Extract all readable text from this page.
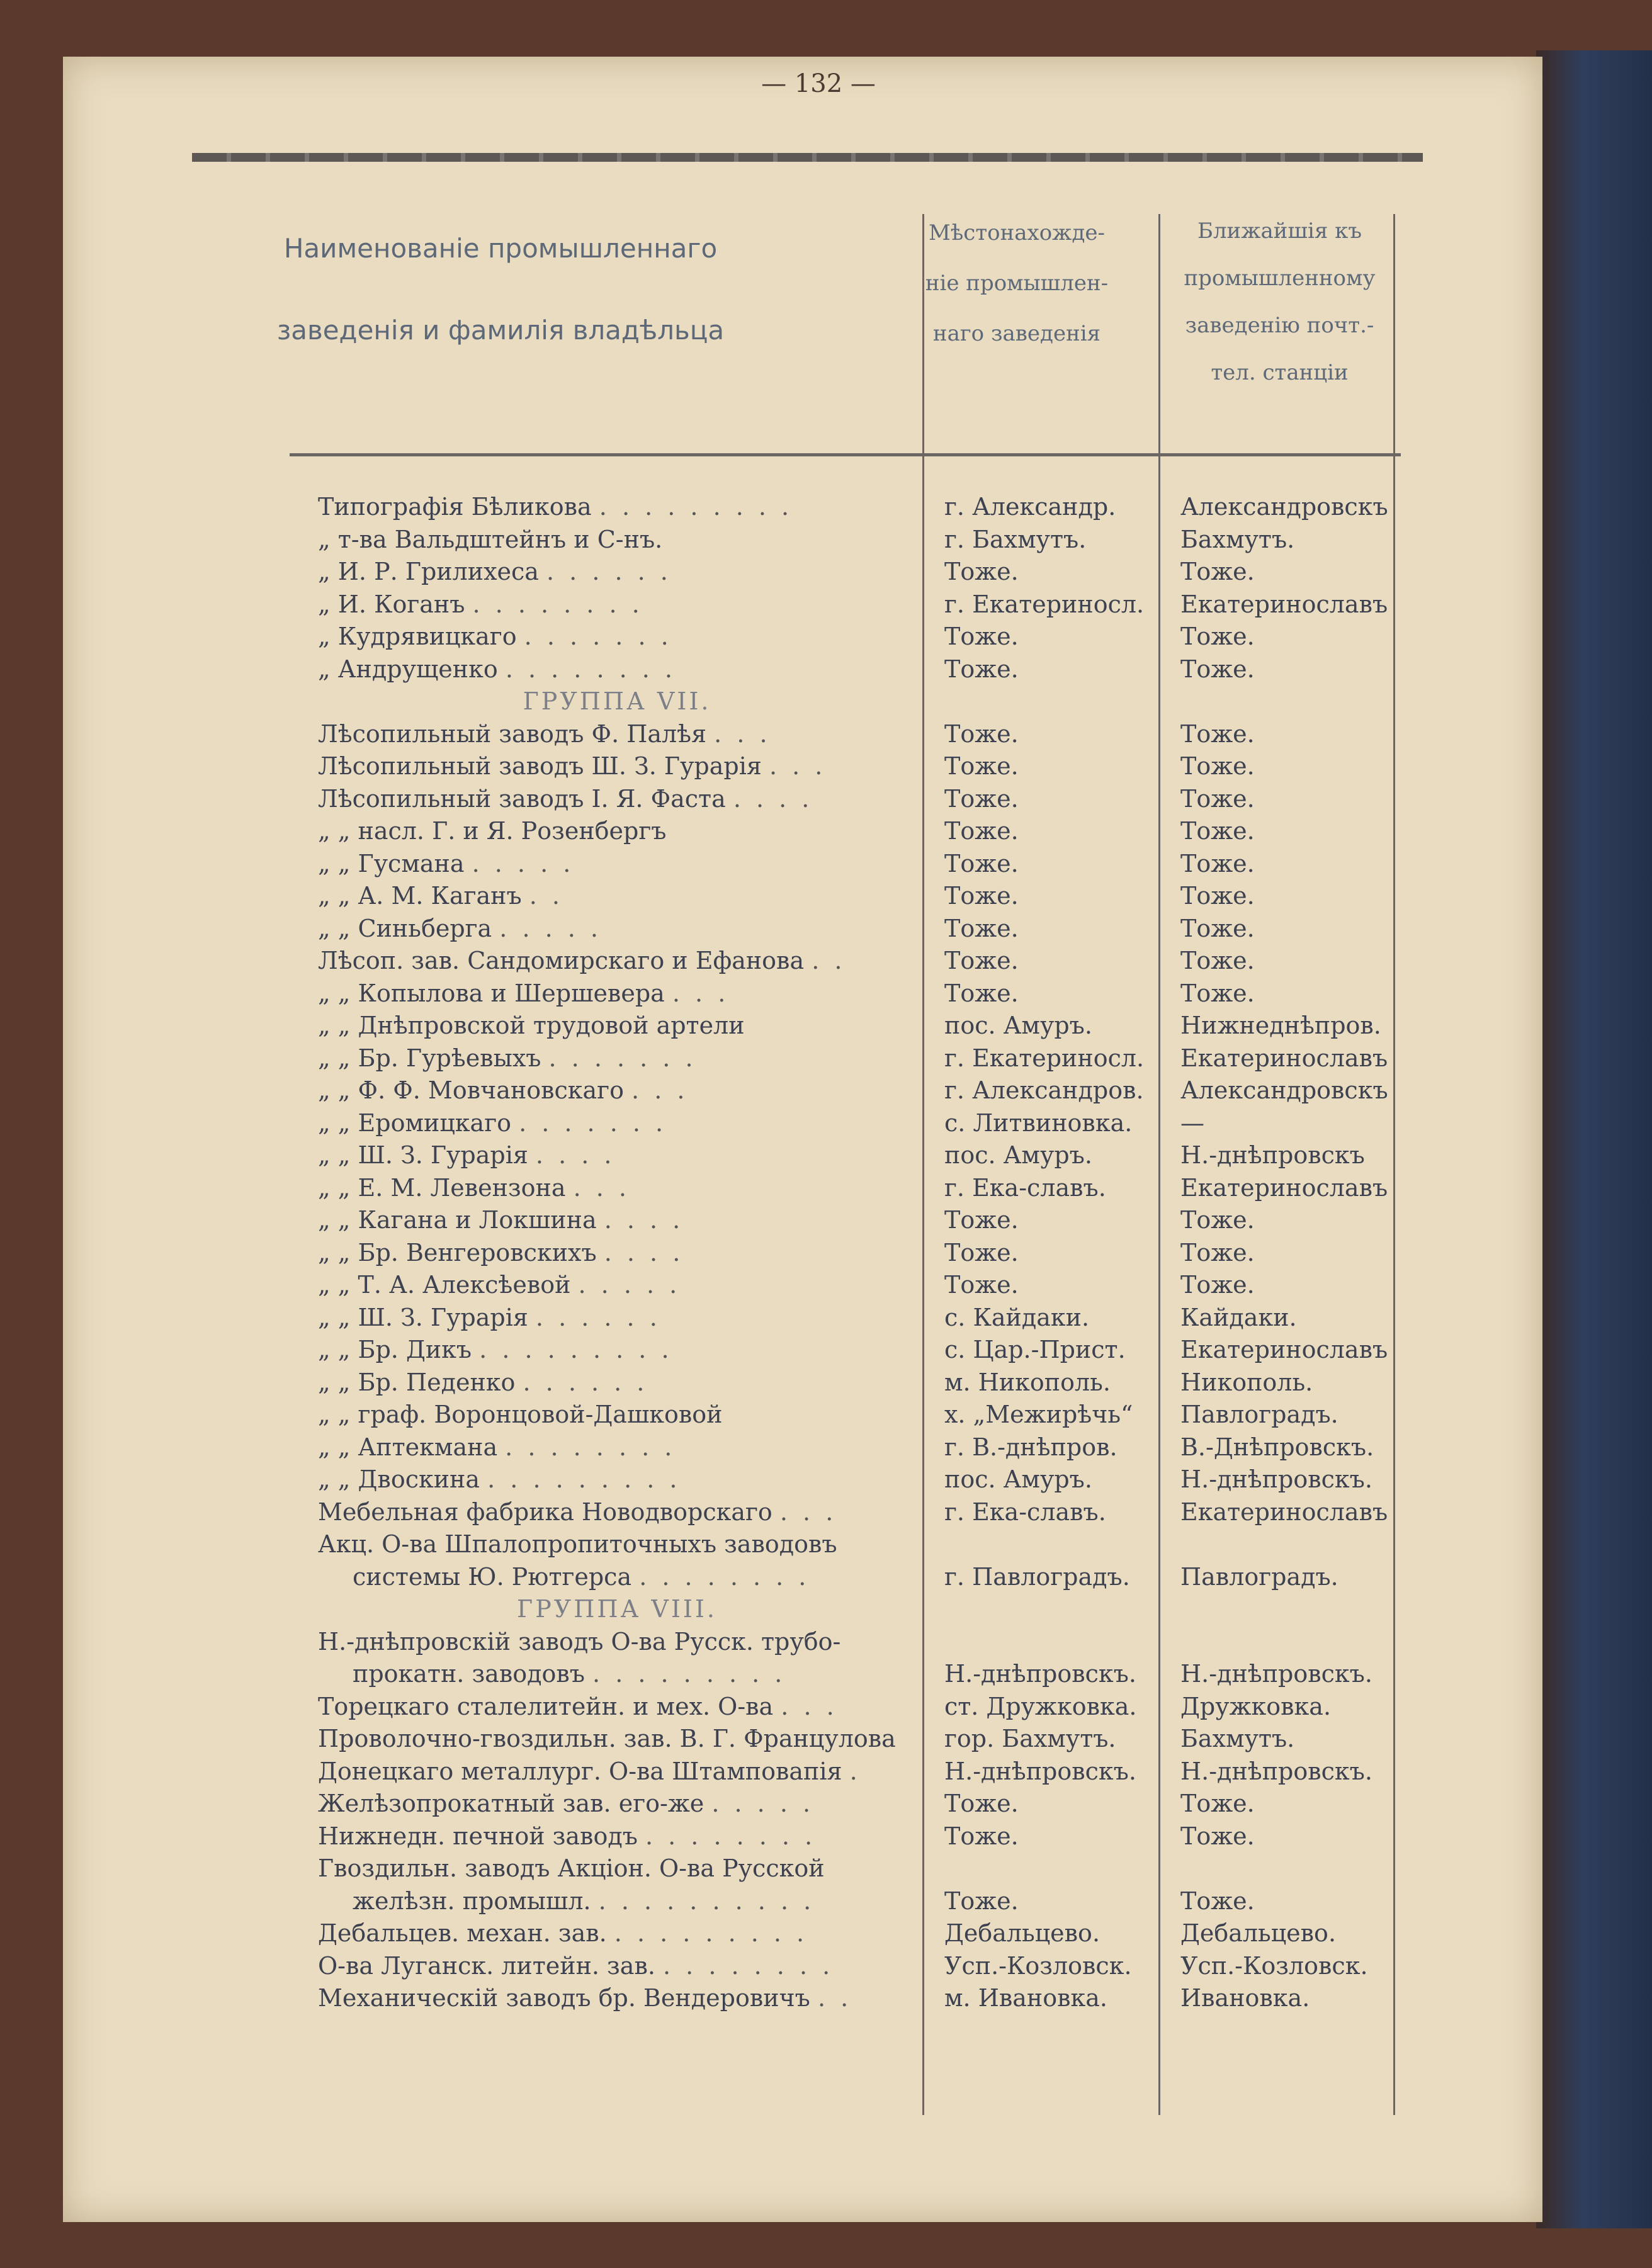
— 132 —
Наименованіе промышленнаго
заведенія и фамилія владѣльца
Мѣстонахожде-
ніе промышлен-
наго заведенія
Ближайшія къ
промышленному
заведенію почт.-
тел. станціи
Типографія Бѣликова . . . . . . . . .	г. Александр.	Александровскъ
„ т-ва Вальдштейнъ и С-нъ.	г. Бахмутъ.	Бахмутъ.
„ И. Р. Грилихеса . . . . . .	Тоже.	Тоже.
„ И. Коганъ . . . . . . . .	г. Екатериносл.	Екатеринославъ
„ Кудрявицкаго . . . . . . .	Тоже.	Тоже.
„ Андрущенко . . . . . . . .	Тоже.	Тоже.
ГРУППА VII.
Лѣсопильный заводъ Ф. Палѣя . . .	Тоже.	Тоже.
Лѣсопильный заводъ Ш. З. Гурарія . . .	Тоже.	Тоже.
Лѣсопильный заводъ І. Я. Фаста . . . .	Тоже.	Тоже.
„ „ насл. Г. и Я. Розенбергъ	Тоже.	Тоже.
„ „ Гусмана . . . . .	Тоже.	Тоже.
„ „ А. М. Каганъ . .	Тоже.	Тоже.
„ „ Синьберга . . . . .	Тоже.	Тоже.
Лѣсоп. зав. Сандомирскаго и Ефанова . .	Тоже.	Тоже.
„ „ Копылова и Шершевера . . .	Тоже.	Тоже.
„ „ Днѣпровской трудовой артели	пос. Амуръ.	Нижнеднѣпров.
„ „ Бр. Гурѣевыхъ . . . . . . .	г. Екатериносл.	Екатеринославъ
„ „ Ф. Ф. Мовчановскаго . . .	г. Александров.	Александровскъ
„ „ Еромицкаго . . . . . . .	с. Литвиновка.	—
„ „ Ш. З. Гурарія . . . .	пос. Амуръ.	Н.-днѣпровскъ
„ „ Е. М. Левензона . . .	г. Ека-славъ.	Екатеринославъ
„ „ Кагана и Локшина . . . .	Тоже.	Тоже.
„ „ Бр. Венгеровскихъ . . . .	Тоже.	Тоже.
„ „ Т. А. Алексѣевой . . . . .	Тоже.	Тоже.
„ „ Ш. З. Гурарія . . . . . .	с. Кайдаки.	Кайдаки.
„ „ Бр. Дикъ . . . . . . . . .	с. Цар.-Прист.	Екатеринославъ
„ „ Бр. Педенко . . . . . .	м. Никополь.	Никополь.
„ „ граф. Воронцовой-Дашковой	х. „Межирѣчь“	Павлоградъ.
„ „ Аптекмана . . . . . . . .	г. В.-днѣпров.	В.-Днѣпровскъ.
„ „ Двоскина . . . . . . . . .	пос. Амуръ.	Н.-днѣпровскъ.
Мебельная фабрика Новодворскаго . . .	г. Ека-славъ.	Екатеринославъ
Акц. О-ва Шпалопропиточныхъ заводовъ
системы Ю. Рютгерса . . . . . . . .	г. Павлоградъ.	Павлоградъ.
ГРУППА VIII.
Н.-днѣпровскій заводъ О-ва Русск. трубо-
прокатн. заводовъ . . . . . . . . .	Н.-днѣпровскъ.	Н.-днѣпровскъ.
Торецкаго сталелитейн. и мех. О-ва . . .	ст. Дружковка.	Дружковка.
Проволочно-гвоздильн. зав. В. Г. Францулова	гор. Бахмутъ.	Бахмутъ.
Донецкаго металлург. О-ва Штамповапія .	Н.-днѣпровскъ.	Н.-днѣпровскъ.
Желѣзопрокатный зав. его-же . . . . .	Тоже.	Тоже.
Нижнедн. печной заводъ . . . . . . . .	Тоже.	Тоже.
Гвоздильн. заводъ Акціон. О-ва Русской
желѣзн. промышл. . . . . . . . . . .	Тоже.	Тоже.
Дебальцев. механ. зав. . . . . . . . . .	Дебальцево.	Дебальцево.
О-ва Луганск. литейн. зав. . . . . . . . .	Усп.-Козловск.	Усп.-Козловск.
Механическій заводъ бр. Вендеровичъ . .	м. Ивановка.	Ивановка.
